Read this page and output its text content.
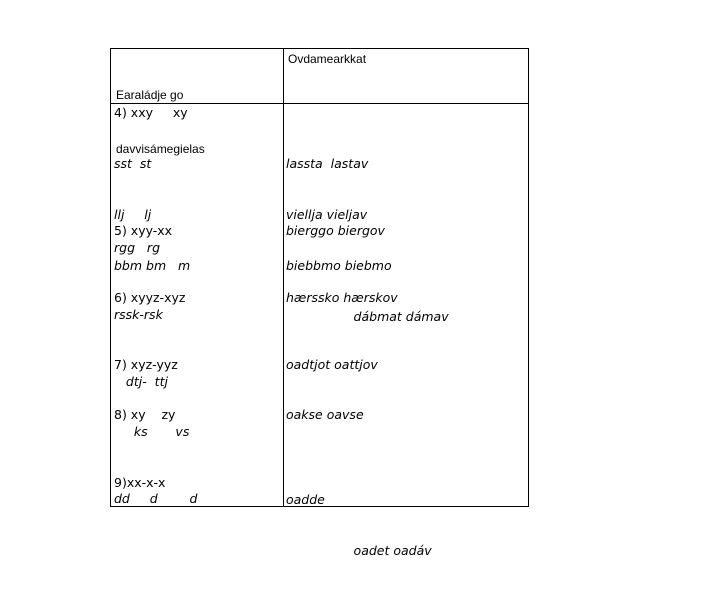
Earaládje go

davvisámegielas

Ovdamearkkat
4) xxy     xy

sst  st

llj     lj

bbm bm   m

lassta  lastav

viellja vieljav

biebbmo biebmo

dábmat dámav

5) xyy-xx
rgg   rg
bierggo biergov
6) xyyz-xyz
rssk-rsk
hærssko hærskov
7) xyz-yyz
dtj-  ttj
oadtjot oattjov
8) xy    zy
ks       vs
oakse oavse
9)xx-x-x
dd     d        d

	oadde

oadet oadáv
